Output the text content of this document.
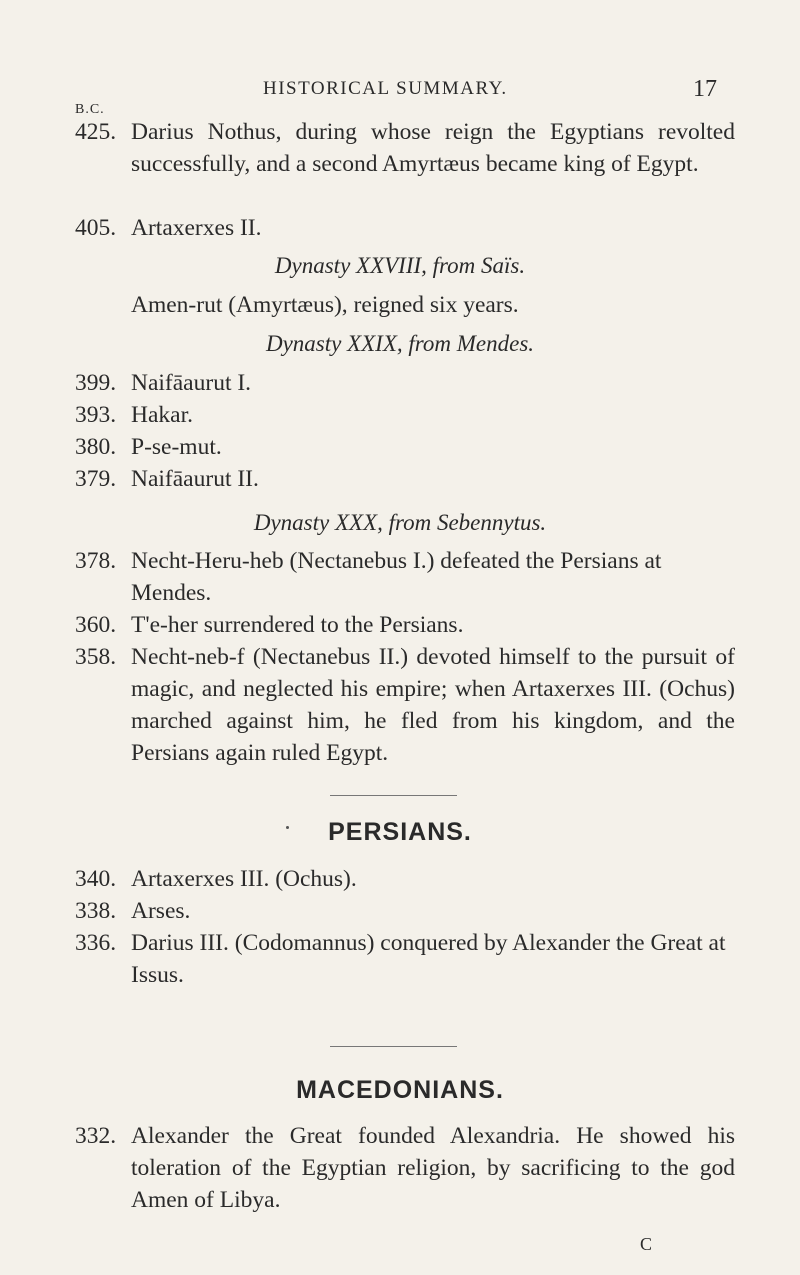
HISTORICAL SUMMARY.	17
B.C.
425. Darius Nothus, during whose reign the Egyptians revolted successfully, and a second Amyrtæus became king of Egypt.
405. Artaxerxes II.
Dynasty XXVIII, from Saïs.
Amen-rut (Amyrtæus), reigned six years.
Dynasty XXIX, from Mendes.
399. Naifāaurut I.
393. Hakar.
380. P-se-mut.
379. Naifāaurut II.
Dynasty XXX, from Sebennytus.
378. Necht-Heru-heb (Nectanebus I.) defeated the Persians at Mendes.
360. T'e-her surrendered to the Persians.
358. Necht-neb-f (Nectanebus II.) devoted himself to the pursuit of magic, and neglected his empire; when Artaxerxes III. (Ochus) marched against him, he fled from his kingdom, and the Persians again ruled Egypt.
PERSIANS.
340. Artaxerxes III. (Ochus).
338. Arses.
336. Darius III. (Codomannus) conquered by Alexander the Great at Issus.
MACEDONIANS.
332. Alexander the Great founded Alexandria. He showed his toleration of the Egyptian religion, by sacrificing to the god Amen of Libya.
C
